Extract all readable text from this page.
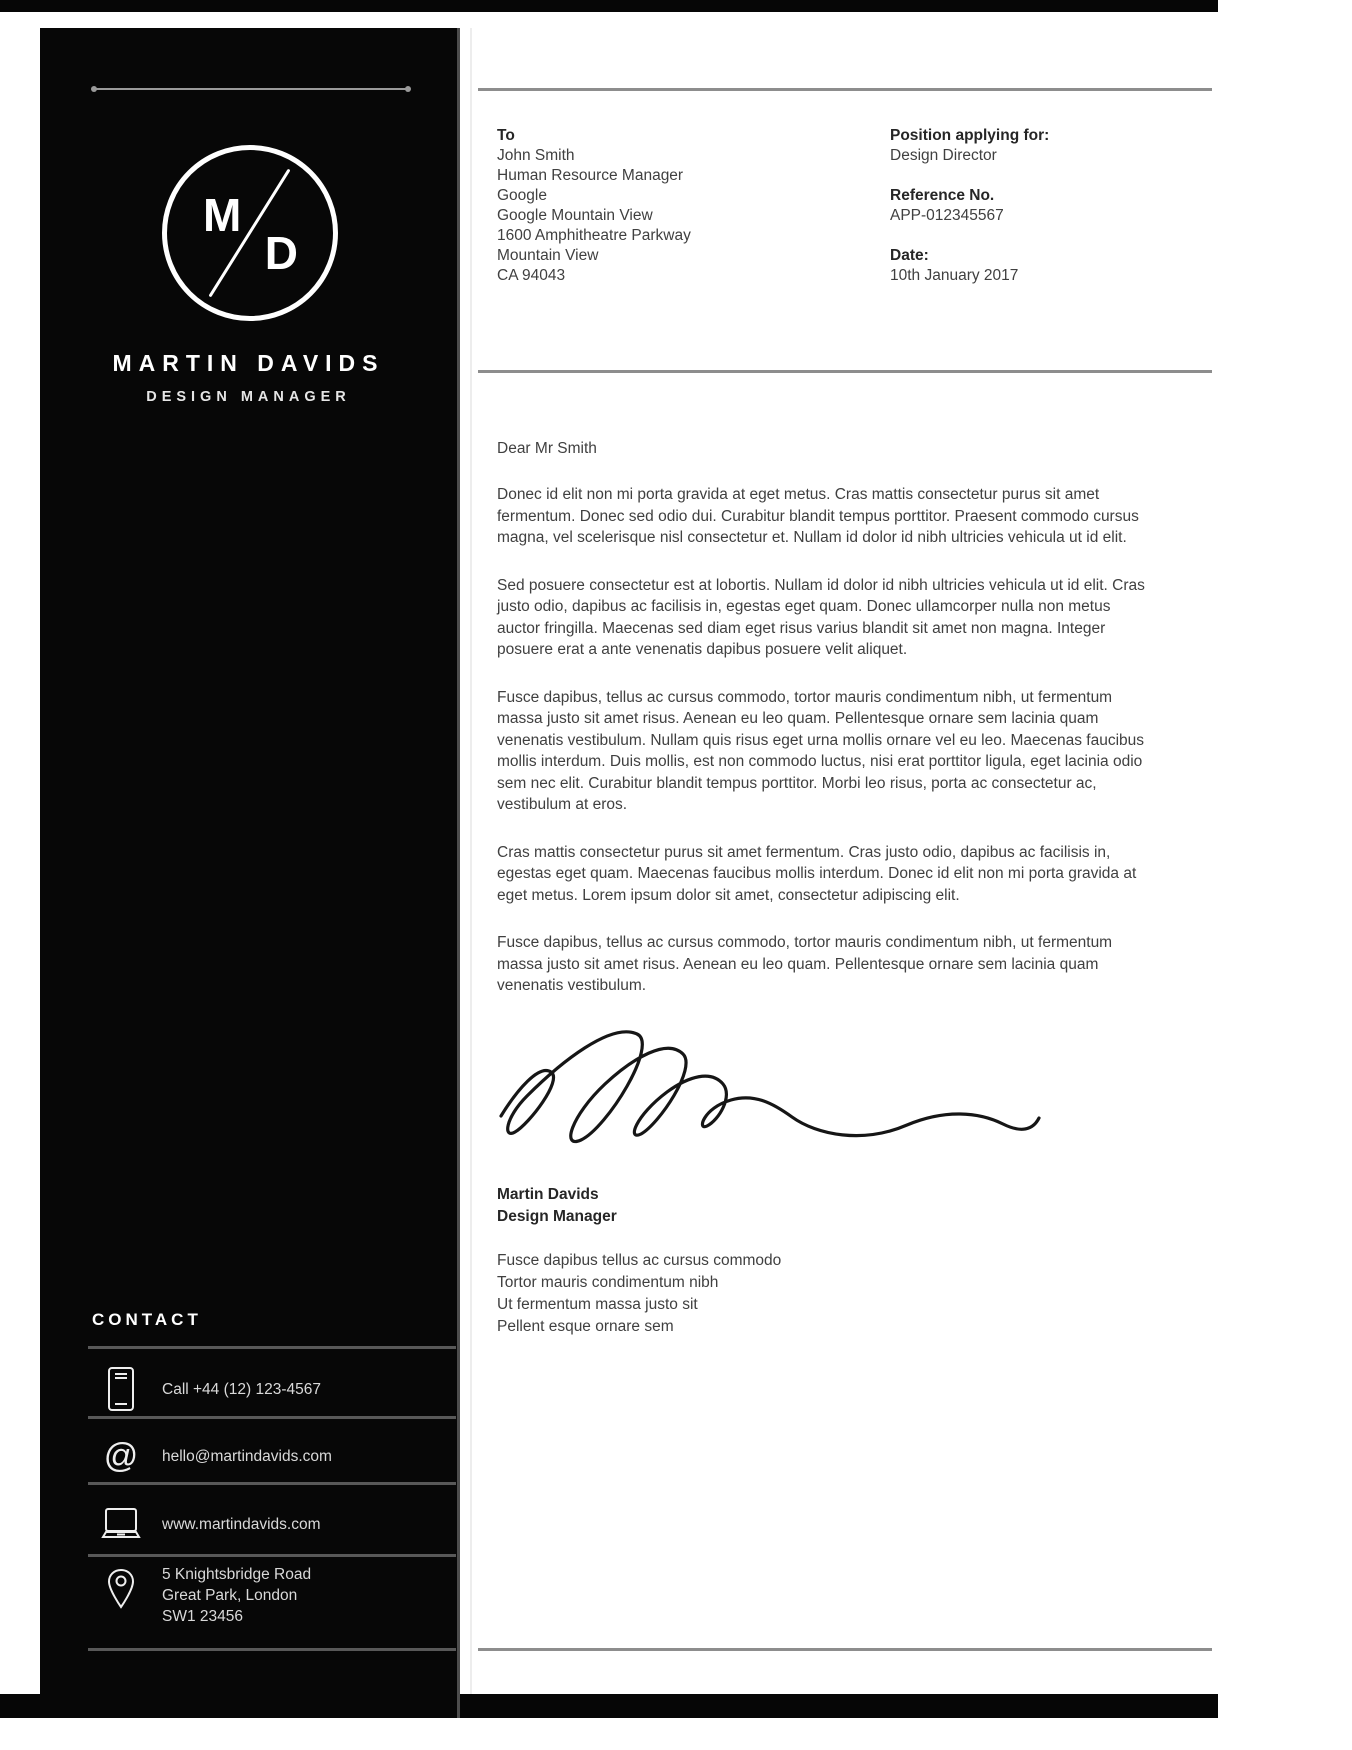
M
D
MARTIN DAVIDS
DESIGN MANAGER
CONTACT
Call +44 (12) 123-4567
@ hello@martindavids.com
www.martindavids.com
5 Knightsbridge Road
Great Park, London
SW1 23456
To
John Smith
Human Resource Manager
Google
Google Mountain View
1600 Amphitheatre Parkway
Mountain View
CA 94043
Position applying for:
Design Director
Reference No.
APP-012345567
Date:
10th January 2017
Dear Mr Smith

Donec id elit non mi porta gravida at eget metus. Cras mattis consectetur purus sit amet fermentum. Donec sed odio dui. Curabitur blandit tempus porttitor. Praesent commodo cursus magna, vel scelerisque nisl consectetur et. Nullam id dolor id nibh ultricies vehicula ut id elit.

Sed posuere consectetur est at lobortis. Nullam id dolor id nibh ultricies vehicula ut id elit. Cras justo odio, dapibus ac facilisis in, egestas eget quam. Donec ullamcorper nulla non metus auctor fringilla. Maecenas sed diam eget risus varius blandit sit amet non magna. Integer posuere erat a ante venenatis dapibus posuere velit aliquet.

Fusce dapibus, tellus ac cursus commodo, tortor mauris condimentum nibh, ut fermentum massa justo sit amet risus. Aenean eu leo quam. Pellentesque ornare sem lacinia quam venenatis vestibulum. Nullam quis risus eget urna mollis ornare vel eu leo. Maecenas faucibus mollis interdum. Duis mollis, est non commodo luctus, nisi erat porttitor ligula, eget lacinia odio sem nec elit. Curabitur blandit tempus porttitor. Morbi leo risus, porta ac consectetur ac, vestibulum at eros.

Cras mattis consectetur purus sit amet fermentum. Cras justo odio, dapibus ac facilisis in, egestas eget quam. Maecenas faucibus mollis interdum. Donec id elit non mi porta gravida at eget metus. Lorem ipsum dolor sit amet, consectetur adipiscing elit.

Fusce dapibus, tellus ac cursus commodo, tortor mauris condimentum nibh, ut fermentum massa justo sit amet risus. Aenean eu leo quam. Pellentesque ornare sem lacinia quam venenatis vestibulum.

Martin Davids
Design Manager
Fusce dapibus tellus ac cursus commodo
Tortor mauris condimentum nibh
Ut fermentum massa justo sit
Pellent esque ornare sem
